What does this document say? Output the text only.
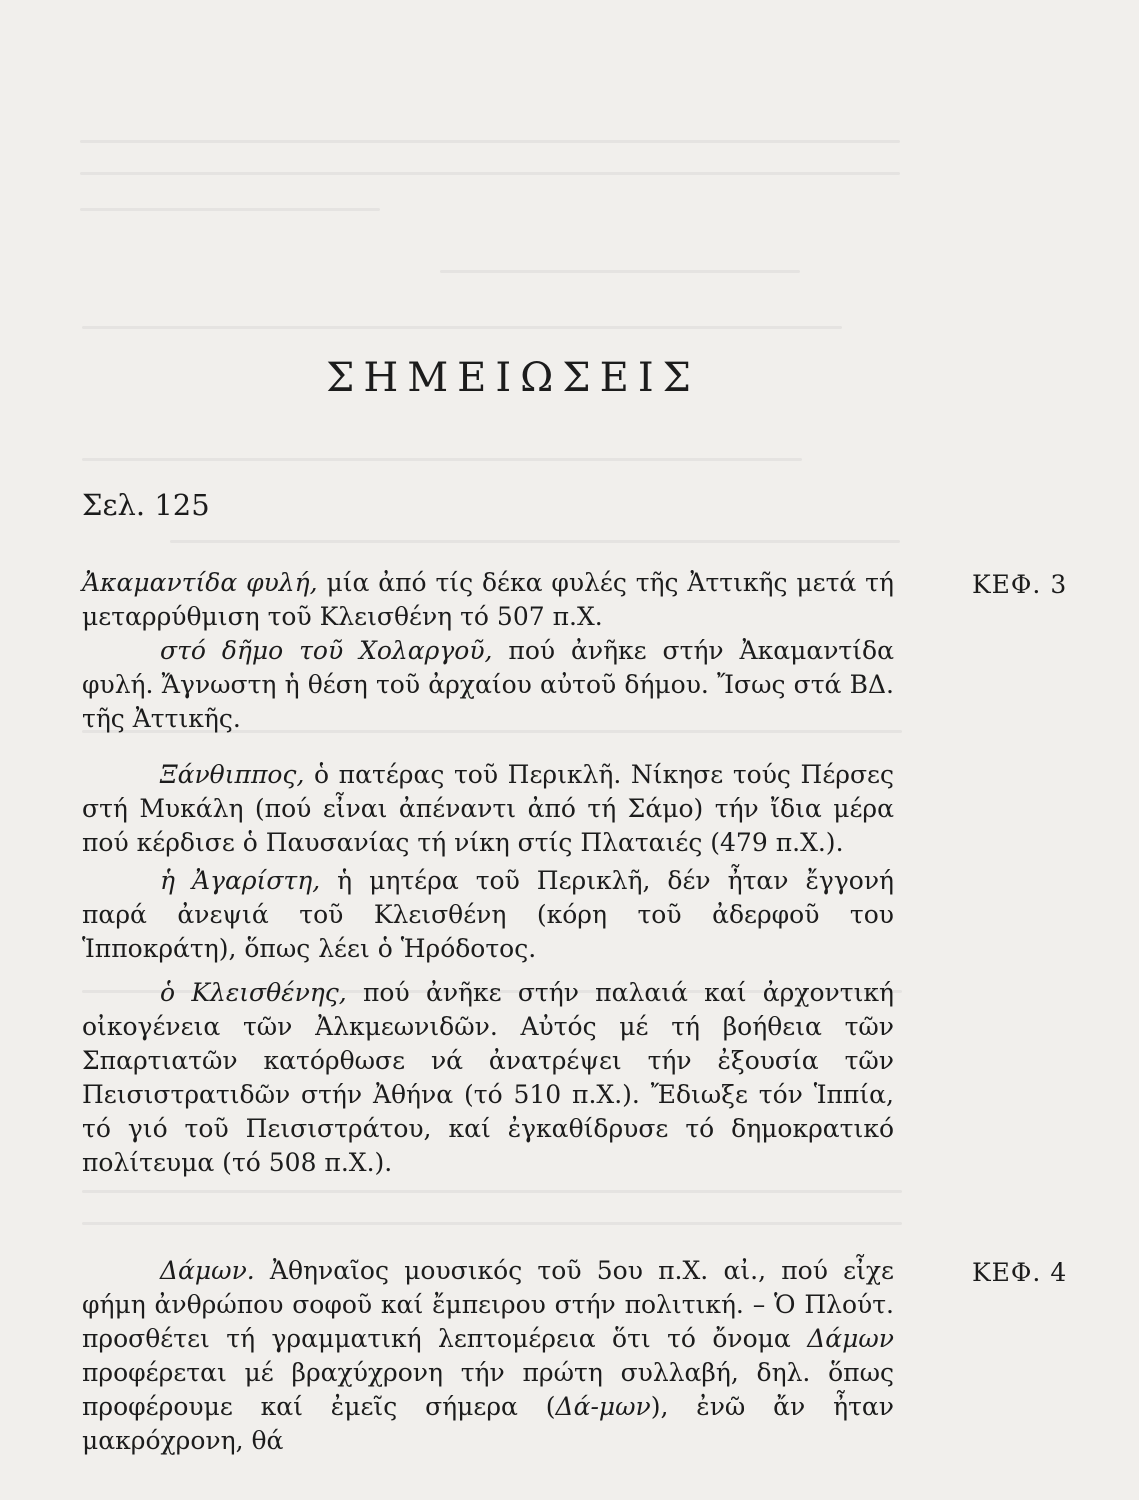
ΣΗΜΕΙΩΣΕΙΣ
Σελ. 125

Ἀκαμαντίδα φυλή, μία ἀπό τίς δέκα φυλές τῆς Ἀττικῆς μετά τή μεταρρύθμιση τοῦ Κλεισθένη τό 507 π.Χ.

στό δῆμο τοῦ Χολαργοῦ, πού ἀνῆκε στήν Ἀκαμαντίδα φυλή. Ἄγνωστη ἡ θέση τοῦ ἀρχαίου αὐτοῦ δήμου. Ἴσως στά ΒΔ. τῆς Ἀττικῆς.

Ξάνθιππος, ὁ πατέρας τοῦ Περικλῆ. Νίκησε τούς Πέρσες στή Μυκάλη (πού εἶναι ἀπέναντι ἀπό τή Σάμο) τήν ἴδια μέρα πού κέρδισε ὁ Παυσανίας τή νίκη στίς Πλαταιές (479 π.Χ.).

ἡ Ἀγαρίστη, ἡ μητέρα τοῦ Περικλῆ, δέν ἦταν ἔγγονή παρά ἀνεψιά τοῦ Κλεισθένη (κόρη τοῦ ἀδερφοῦ του Ἱπποκράτη), ὅπως λέει ὁ Ἡρόδοτος.

ὁ Κλεισθένης, πού ἀνῆκε στήν παλαιά καί ἀρχοντική οἰκογένεια τῶν Ἀλκμεωνιδῶν. Αὐτός μέ τή βοήθεια τῶν Σπαρτιατῶν κατόρθωσε νά ἀνατρέψει τήν ἐξουσία τῶν Πεισιστρατιδῶν στήν Ἀθήνα (τό 510 π.Χ.). Ἔδιωξε τόν Ἱππία, τό γιό τοῦ Πεισιστράτου, καί ἐγκαθίδρυσε τό δημοκρατικό πολίτευμα (τό 508 π.Χ.).

Δάμων. Ἀθηναῖος μουσικός τοῦ 5ου π.Χ. αἰ., πού εἶχε φήμη ἀνθρώπου σοφοῦ καί ἔμπειρου στήν πολιτική. – Ὁ Πλούτ. προσθέτει τή γραμματική λεπτομέρεια ὅτι τό ὄνομα Δάμων προφέρεται μέ βραχύχρονη τήν πρώτη συλλαβή, δηλ. ὅπως προφέρουμε καί ἐμεῖς σήμερα (Δά-μων), ἐνῶ ἄν ἦταν μακρόχρονη, θά

ΚΕΦ. 3
ΚΕΦ. 4
